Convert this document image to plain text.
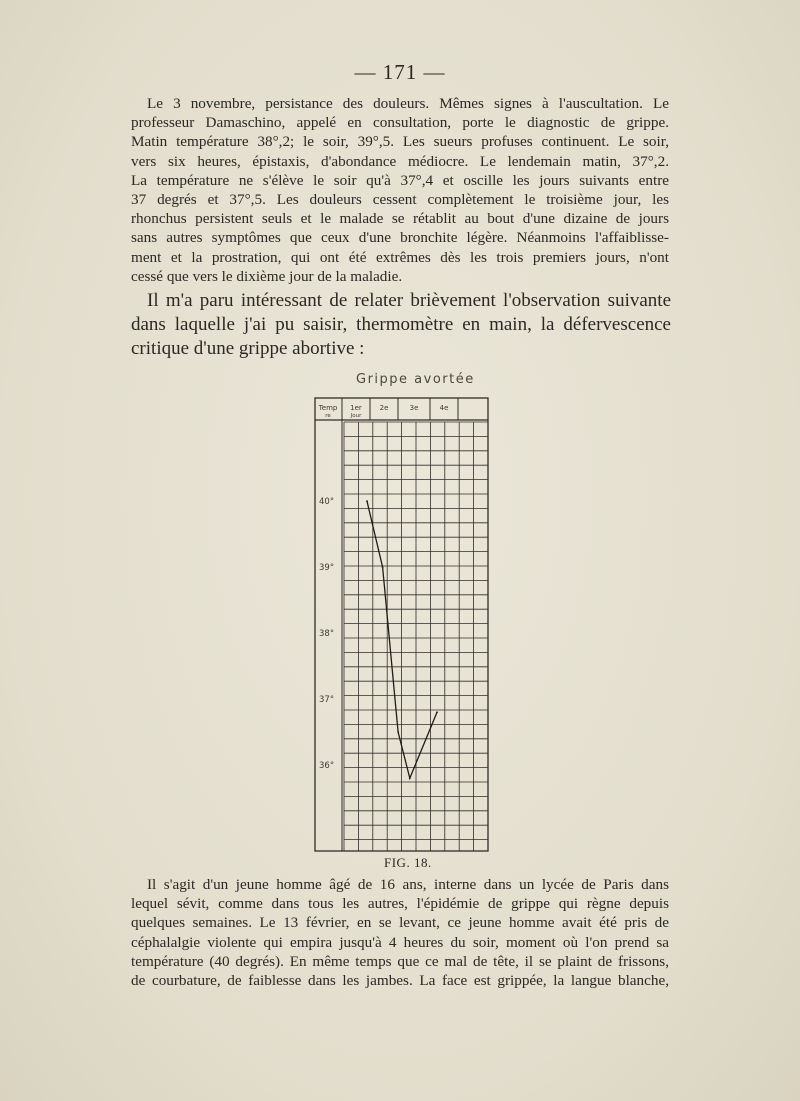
— 171 —
Le 3 novembre, persistance des douleurs. Mêmes signes à l'auscultation. Le
professeur Damaschino, appelé en consultation, porte le diagnostic de grippe.
Matin température 38°,2; le soir, 39°,5. Les sueurs profuses continuent. Le soir,
vers six heures, épistaxis, d'abondance médiocre. Le lendemain matin, 37°,2.
La température ne s'élève le soir qu'à 37°,4 et oscille les jours suivants entre
37 degrés et 37°,5. Les douleurs cessent complètement le troisième jour, les
rhonchus persistent seuls et le malade se rétablit au bout d'une dizaine de jours
sans autres symptômes que ceux d'une bronchite légère. Néanmoins l'affaiblisse-
ment et la prostration, qui ont été extrêmes dès les trois premiers jours, n'ont
cessé que vers le dixième jour de la maladie.
Il m'a paru intéressant de relater brièvement l'observation suivante
dans laquelle j'ai pu saisir, thermomètre en main, la défervescence
critique d'une grippe abortive :
Grippe avortée
Temp
re
1er
Jour
2e	3e	4e
40°
39°
38°
37°
36°
FIG. 18.
Il s'agit d'un jeune homme âgé de 16 ans, interne dans un lycée de Paris dans
lequel sévit, comme dans tous les autres, l'épidémie de grippe qui règne depuis
quelques semaines. Le 13 février, en se levant, ce jeune homme avait été pris de
céphalalgie violente qui empira jusqu'à 4 heures du soir, moment où l'on prend sa
température (40 degrés). En même temps que ce mal de tête, il se plaint de frissons,
de courbature, de faiblesse dans les jambes. La face est grippée, la langue blanche,
